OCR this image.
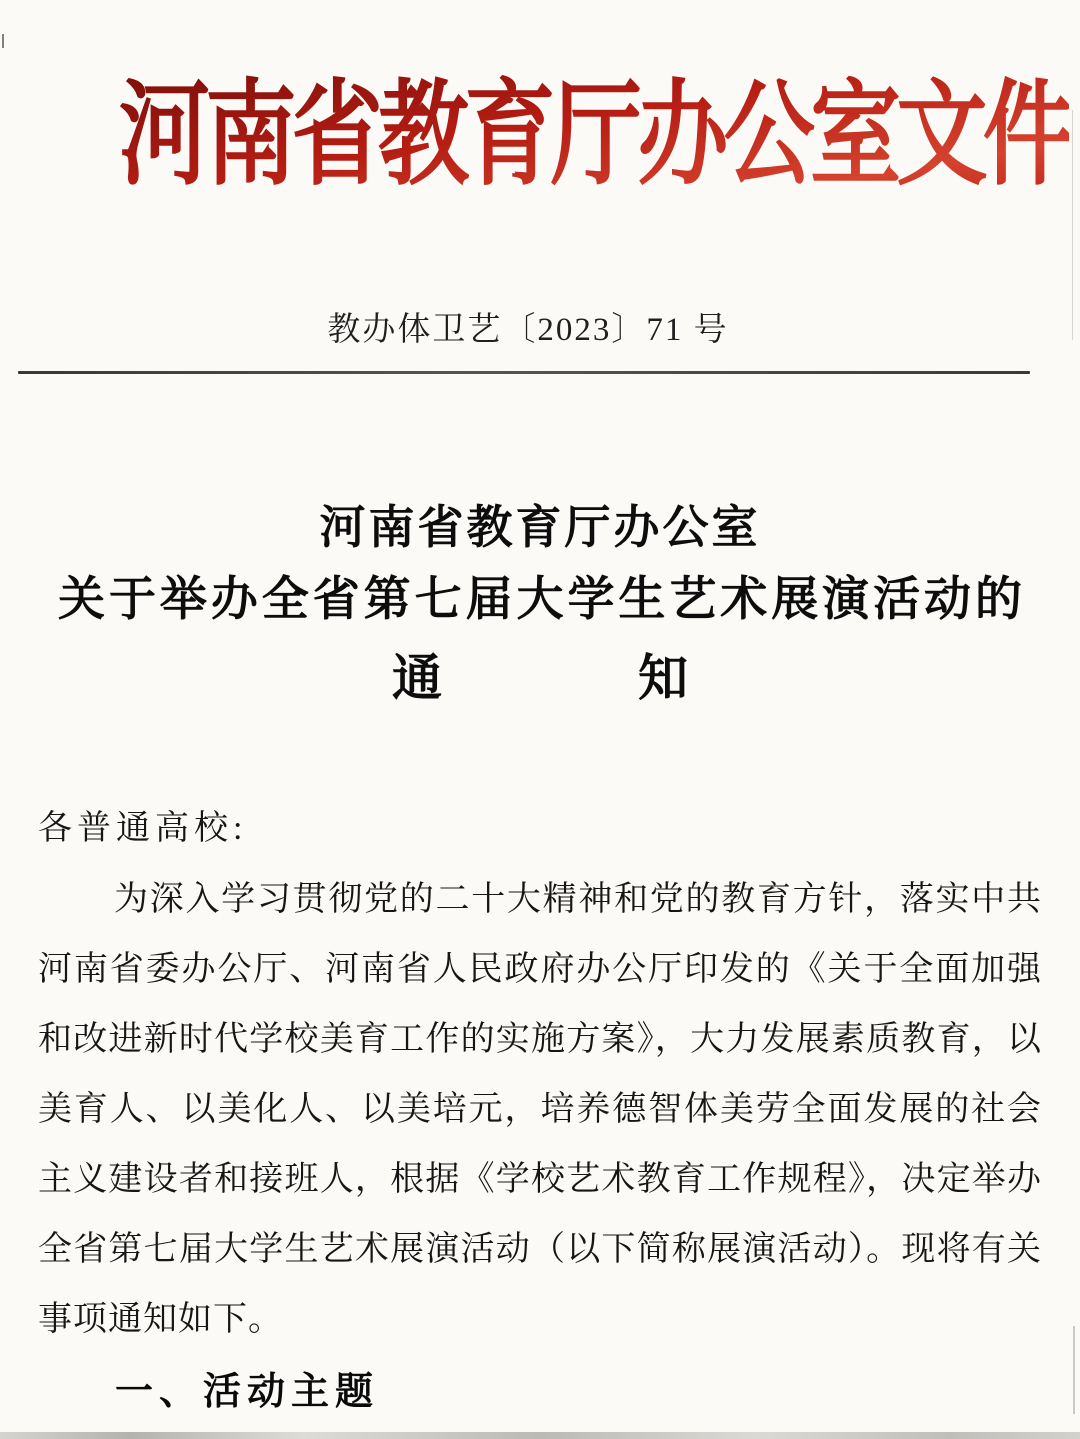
河南省教育厅办公室文件
教办体卫艺〔2023〕71 号
河南省教育厅办公室
关于举办全省第七届大学生艺术展演活动的
通	知
各普通高校:
为深入学习贯彻党的二十大精神和党的教育方针，落实中共
河南省委办公厅、河南省人民政府办公厅印发的《关于全面加强
和改进新时代学校美育工作的实施方案》，大力发展素质教育，以
美育人、以美化人、以美培元，培养德智体美劳全面发展的社会
主义建设者和接班人，根据《学校艺术教育工作规程》，决定举办
全省第七届大学生艺术展演活动（以下简称展演活动）。现将有关
事项通知如下。
一、活动主题
